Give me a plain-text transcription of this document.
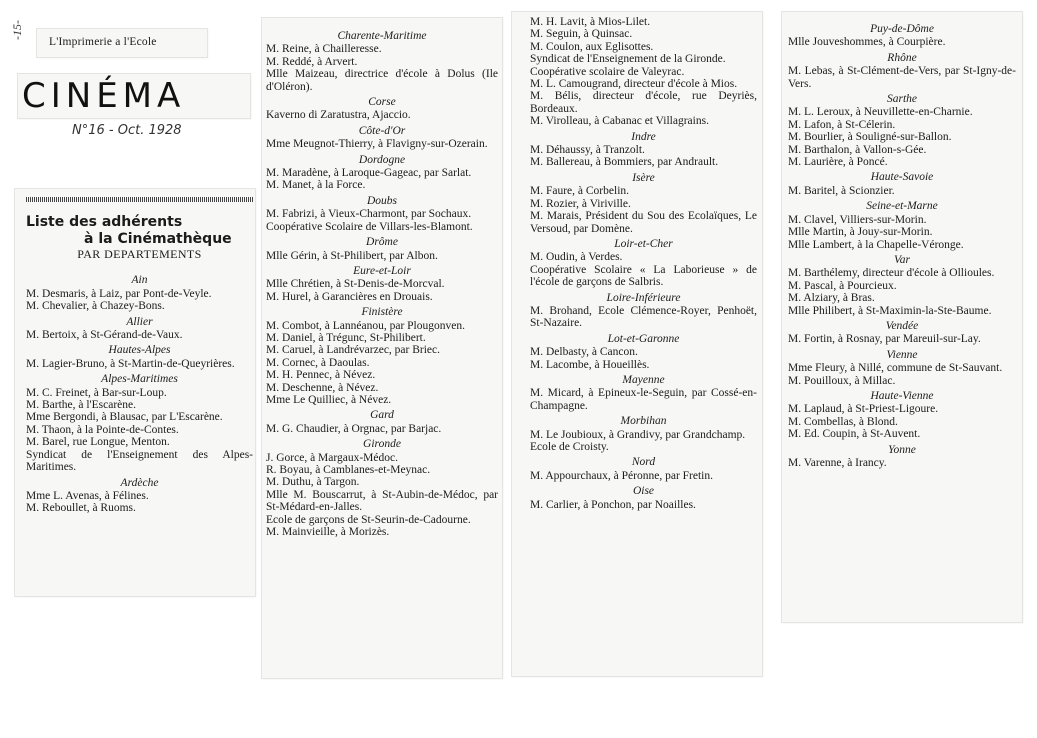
-15-
L'Imprimerie a l'Ecole
CINÉMA
N°16 - Oct. 1928
Liste des adhérents
à la Cinémathèque
PAR DEPARTEMENTS
Ain
M. Desmaris, à Laiz, par Pont-de-Veyle.
M. Chevalier, à Chazey-Bons.
Allier
M. Bertoix, à St-Gérand-de-Vaux.
Hautes-Alpes
M. Lagier-Bruno, à St-Martin-de-Queyrières.
Alpes-Maritimes
M. C. Freinet, à Bar-sur-Loup.
M. Barthe, à l'Escarène.
Mme Bergondi, à Blausac, par L'Escarène.
M. Thaon, à la Pointe-de-Contes.
M. Barel, rue Longue, Menton.
Syndicat de l'Enseignement des Alpes-Maritimes.
Ardèche
Mme L. Avenas, à Félines.
M. Reboullet, à Ruoms.
Charente-Maritime
M. Reine, à Chailleresse.
M. Reddé, à Arvert.
Mlle Maizeau, directrice d'école à Dolus (Ile d'Oléron).
Corse
Kaverno di Zaratustra, Ajaccio.
Côte-d'Or
Mme Meugnot-Thierry, à Flavigny-sur-Ozerain.
Dordogne
M. Maradène, à Laroque-Gageac, par Sarlat.
M. Manet, à la Force.
Doubs
M. Fabrizi, à Vieux-Charmont, par Sochaux.
Coopérative Scolaire de Villars-les-Blamont.
Drôme
Mlle Gérin, à St-Philibert, par Albon.
Eure-et-Loir
Mlle Chrétien, à St-Denis-de-Morcval.
M. Hurel, à Garancières en Drouais.
Finistère
M. Combot, à Lannéanou, par Plougonven.
M. Daniel, à Trégunc, St-Philibert.
M. Caruel, à Landrévarzec, par Briec.
M. Cornec, à Daoulas.
M. H. Pennec, à Névez.
M. Deschenne, à Névez.
Mme Le Quilliec, à Névez.
Gard
M. G. Chaudier, à Orgnac, par Barjac.
Gironde
J. Gorce, à Margaux-Médoc.
R. Boyau, à Camblanes-et-Meynac.
M. Duthu, à Targon.
Mlle M. Bouscarrut, à St-Aubin-de-Médoc, par St-Médard-en-Jalles.
Ecole de garçons de St-Seurin-de-Cadourne.
M. Mainvieille, à Morizès.
M. H. Lavit, à Mios-Lilet.
M. Seguin, à Quinsac.
M. Coulon, aux Eglisottes.
Syndicat de l'Enseignement de la Gironde.
Coopérative scolaire de Valeyrac.
M. L. Camougrand, directeur d'école à Mios.
M. Bélis, directeur d'école, rue Deyriès, Bordeaux.
M. Virolleau, à Cabanac et Villagrains.
Indre
M. Déhaussy, à Tranzolt.
M. Ballereau, à Bommiers, par Andrault.
Isère
M. Faure, à Corbelin.
M. Rozier, à Viriville.
M. Marais, Président du Sou des Ecolaïques, Le Versoud, par Domène.
Loir-et-Cher
M. Oudin, à Verdes.
Coopérative Scolaire « La Laborieuse » de l'école de garçons de Salbris.
Loire-Inférieure
M. Brohand, Ecole Clémence-Royer, Penhoët, St-Nazaire.
Lot-et-Garonne
M. Delbasty, à Cancon.
M. Lacombe, à Houeillès.
Mayenne
M. Micard, à Epineux-le-Seguin, par Cossé-en-Champagne.
Morbihan
M. Le Joubioux, à Grandivy, par Grandchamp.
Ecole de Croisty.
Nord
M. Appourchaux, à Péronne, par Fretin.
Oise
M. Carlier, à Ponchon, par Noailles.
Puy-de-Dôme
Mlle Jouveshommes, à Courpière.
Rhône
M. Lebas, à St-Clément-de-Vers, par St-Igny-de-Vers.
Sarthe
M. L. Leroux, à Neuvillette-en-Charnie.
M. Lafon, à St-Célerin.
M. Bourlier, à Souligné-sur-Ballon.
M. Barthalon, à Vallon-s-Gée.
M. Laurière, à Poncé.
Haute-Savoie
M. Baritel, à Scionzier.
Seine-et-Marne
M. Clavel, Villiers-sur-Morin.
Mlle Martin, à Jouy-sur-Morin.
Mlle Lambert, à la Chapelle-Véronge.
Var
M. Barthélemy, directeur d'école à Ollioules.
M. Pascal, à Pourcieux.
M. Alziary, à Bras.
Mlle Philibert, à St-Maximin-la-Ste-Baume.
Vendée
M. Fortin, à Rosnay, par Mareuil-sur-Lay.
Vienne
Mme Fleury, à Nillé, commune de St-Sauvant.
M. Pouilloux, à Millac.
Haute-Vienne
M. Laplaud, à St-Priest-Ligoure.
M. Combellas, à Blond.
M. Ed. Coupin, à St-Auvent.
Yonne
M. Varenne, à Irancy.
